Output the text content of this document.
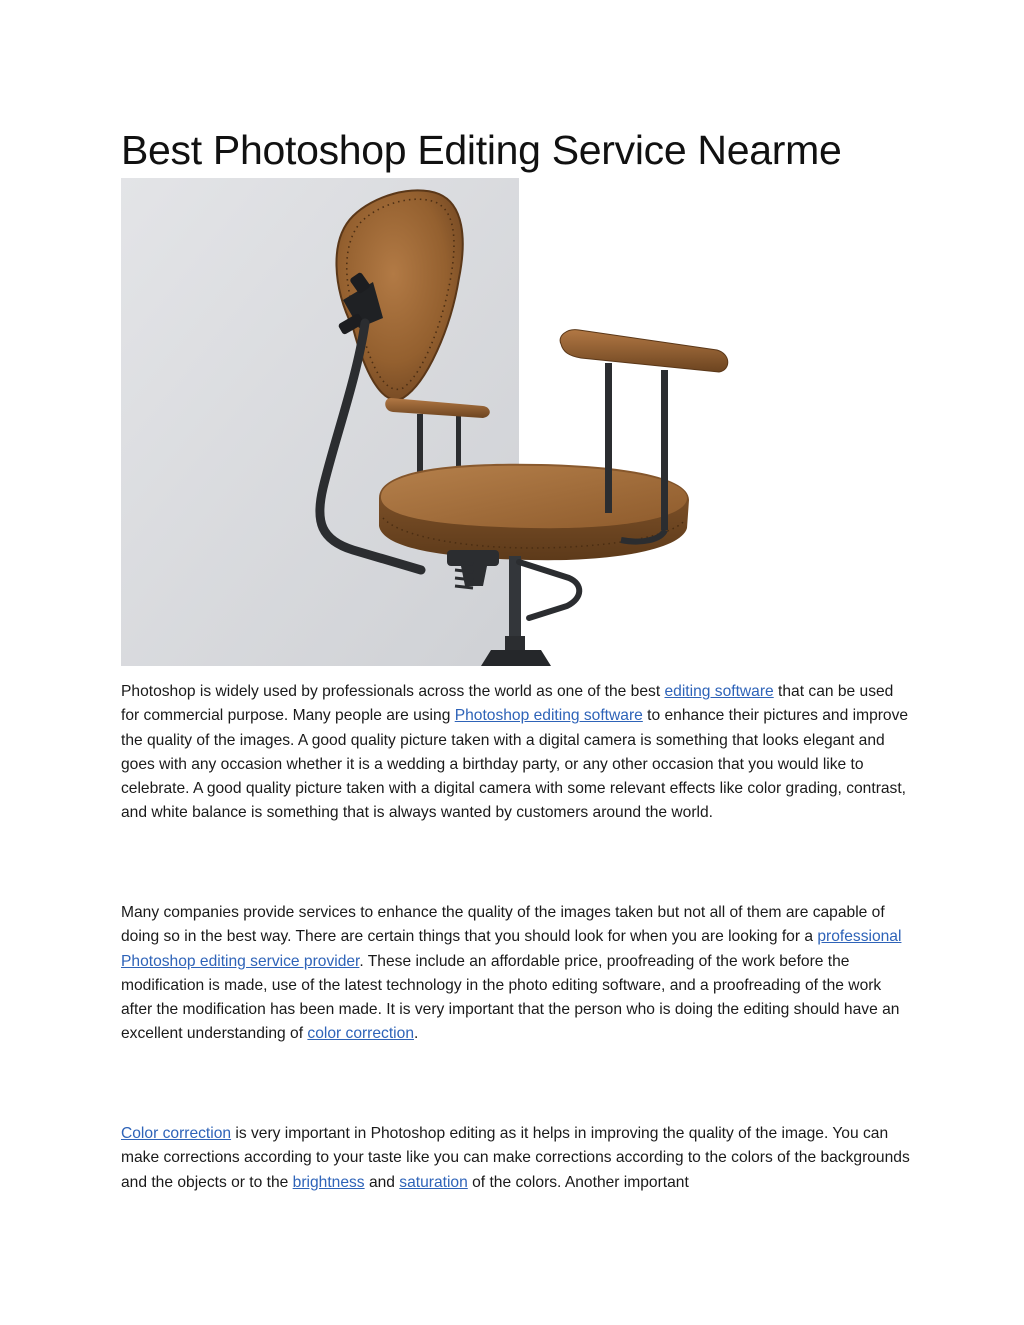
Best Photoshop Editing Service Nearme

Photoshop is widely used by professionals across the world as one of the best editing software that can be used for commercial purpose. Many people are using Photoshop editing software to enhance their pictures and improve the quality of the images. A good quality picture taken with a digital camera is something that looks elegant and goes with any occasion whether it is a wedding a birthday party, or any other occasion that you would like to celebrate. A good quality picture taken with a digital camera with some relevant effects like color grading, contrast, and white balance is something that is always wanted by customers around the world.

Many companies provide services to enhance the quality of the images taken but not all of them are capable of doing so in the best way. There are certain things that you should look for when you are looking for a professional Photoshop editing service provider. These include an affordable price, proofreading of the work before the modification is made, use of the latest technology in the photo editing software, and a proofreading of the work after the modification has been made. It is very important that the person who is doing the editing should have an excellent understanding of color correction.

Color correction is very important in Photoshop editing as it helps in improving the quality of the image. You can make corrections according to your taste like you can make corrections according to the colors of the backgrounds and the objects or to the brightness and saturation of the colors. Another important
